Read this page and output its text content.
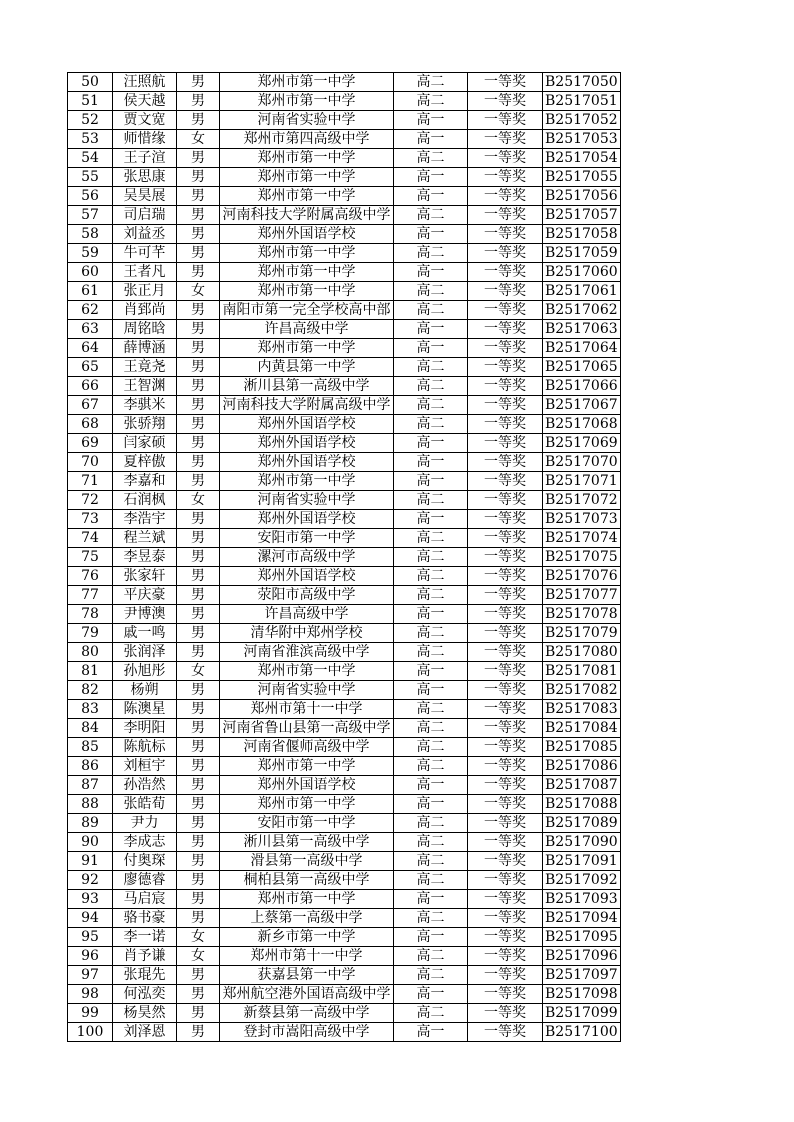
50	汪照航	男	郑州市第一中学	高二	一等奖	B2517050
51	侯天越	男	郑州市第一中学	高二	一等奖	B2517051
52	贾文宽	男	河南省实验中学	高一	一等奖	B2517052
53	师惜缘	女	郑州市第四高级中学	高一	一等奖	B2517053
54	王子渲	男	郑州市第一中学	高二	一等奖	B2517054
55	张思康	男	郑州市第一中学	高一	一等奖	B2517055
56	吴昊展	男	郑州市第一中学	高一	一等奖	B2517056
57	司启瑞	男	河南科技大学附属高级中学	高二	一等奖	B2517057
58	刘益丞	男	郑州外国语学校	高一	一等奖	B2517058
59	牛可芊	男	郑州市第一中学	高二	一等奖	B2517059
60	王者凡	男	郑州市第一中学	高一	一等奖	B2517060
61	张正月	女	郑州市第一中学	高二	一等奖	B2517061
62	肖郅尚	男	南阳市第一完全学校高中部	高二	一等奖	B2517062
63	周铭晗	男	许昌高级中学	高一	一等奖	B2517063
64	薛博涵	男	郑州市第一中学	高一	一等奖	B2517064
65	王竟尧	男	内黄县第一中学	高二	一等奖	B2517065
66	王智渊	男	淅川县第一高级中学	高二	一等奖	B2517066
67	李骐米	男	河南科技大学附属高级中学	高二	一等奖	B2517067
68	张骄翔	男	郑州外国语学校	高二	一等奖	B2517068
69	闫家硕	男	郑州外国语学校	高一	一等奖	B2517069
70	夏梓傲	男	郑州外国语学校	高一	一等奖	B2517070
71	李嘉和	男	郑州市第一中学	高一	一等奖	B2517071
72	石润枫	女	河南省实验中学	高二	一等奖	B2517072
73	李浩宇	男	郑州外国语学校	高一	一等奖	B2517073
74	程兰斌	男	安阳市第一中学	高二	一等奖	B2517074
75	李昱泰	男	漯河市高级中学	高二	一等奖	B2517075
76	张家轩	男	郑州外国语学校	高二	一等奖	B2517076
77	平庆豪	男	荥阳市高级中学	高二	一等奖	B2517077
78	尹博澳	男	许昌高级中学	高一	一等奖	B2517078
79	戚一鸣	男	清华附中郑州学校	高二	一等奖	B2517079
80	张润泽	男	河南省淮滨高级中学	高二	一等奖	B2517080
81	孙旭彤	女	郑州市第一中学	高一	一等奖	B2517081
82	杨朔	男	河南省实验中学	高一	一等奖	B2517082
83	陈澳星	男	郑州市第十一中学	高二	一等奖	B2517083
84	李明阳	男	河南省鲁山县第一高级中学	高二	一等奖	B2517084
85	陈航标	男	河南省偃师高级中学	高二	一等奖	B2517085
86	刘桓宇	男	郑州市第一中学	高二	一等奖	B2517086
87	孙浩然	男	郑州外国语学校	高一	一等奖	B2517087
88	张皓荀	男	郑州市第一中学	高一	一等奖	B2517088
89	尹力	男	安阳市第一中学	高二	一等奖	B2517089
90	李成志	男	淅川县第一高级中学	高二	一等奖	B2517090
91	付奥琛	男	滑县第一高级中学	高二	一等奖	B2517091
92	廖德睿	男	桐柏县第一高级中学	高二	一等奖	B2517092
93	马启宸	男	郑州市第一中学	高一	一等奖	B2517093
94	骆书豪	男	上蔡第一高级中学	高二	一等奖	B2517094
95	李一诺	女	新乡市第一中学	高一	一等奖	B2517095
96	肖予谦	女	郑州市第十一中学	高二	一等奖	B2517096
97	张琨先	男	获嘉县第一中学	高二	一等奖	B2517097
98	何泓奕	男	郑州航空港外国语高级中学	高一	一等奖	B2517098
99	杨昊然	男	新蔡县第一高级中学	高二	一等奖	B2517099
100	刘泽恩	男	登封市嵩阳高级中学	高一	一等奖	B2517100
